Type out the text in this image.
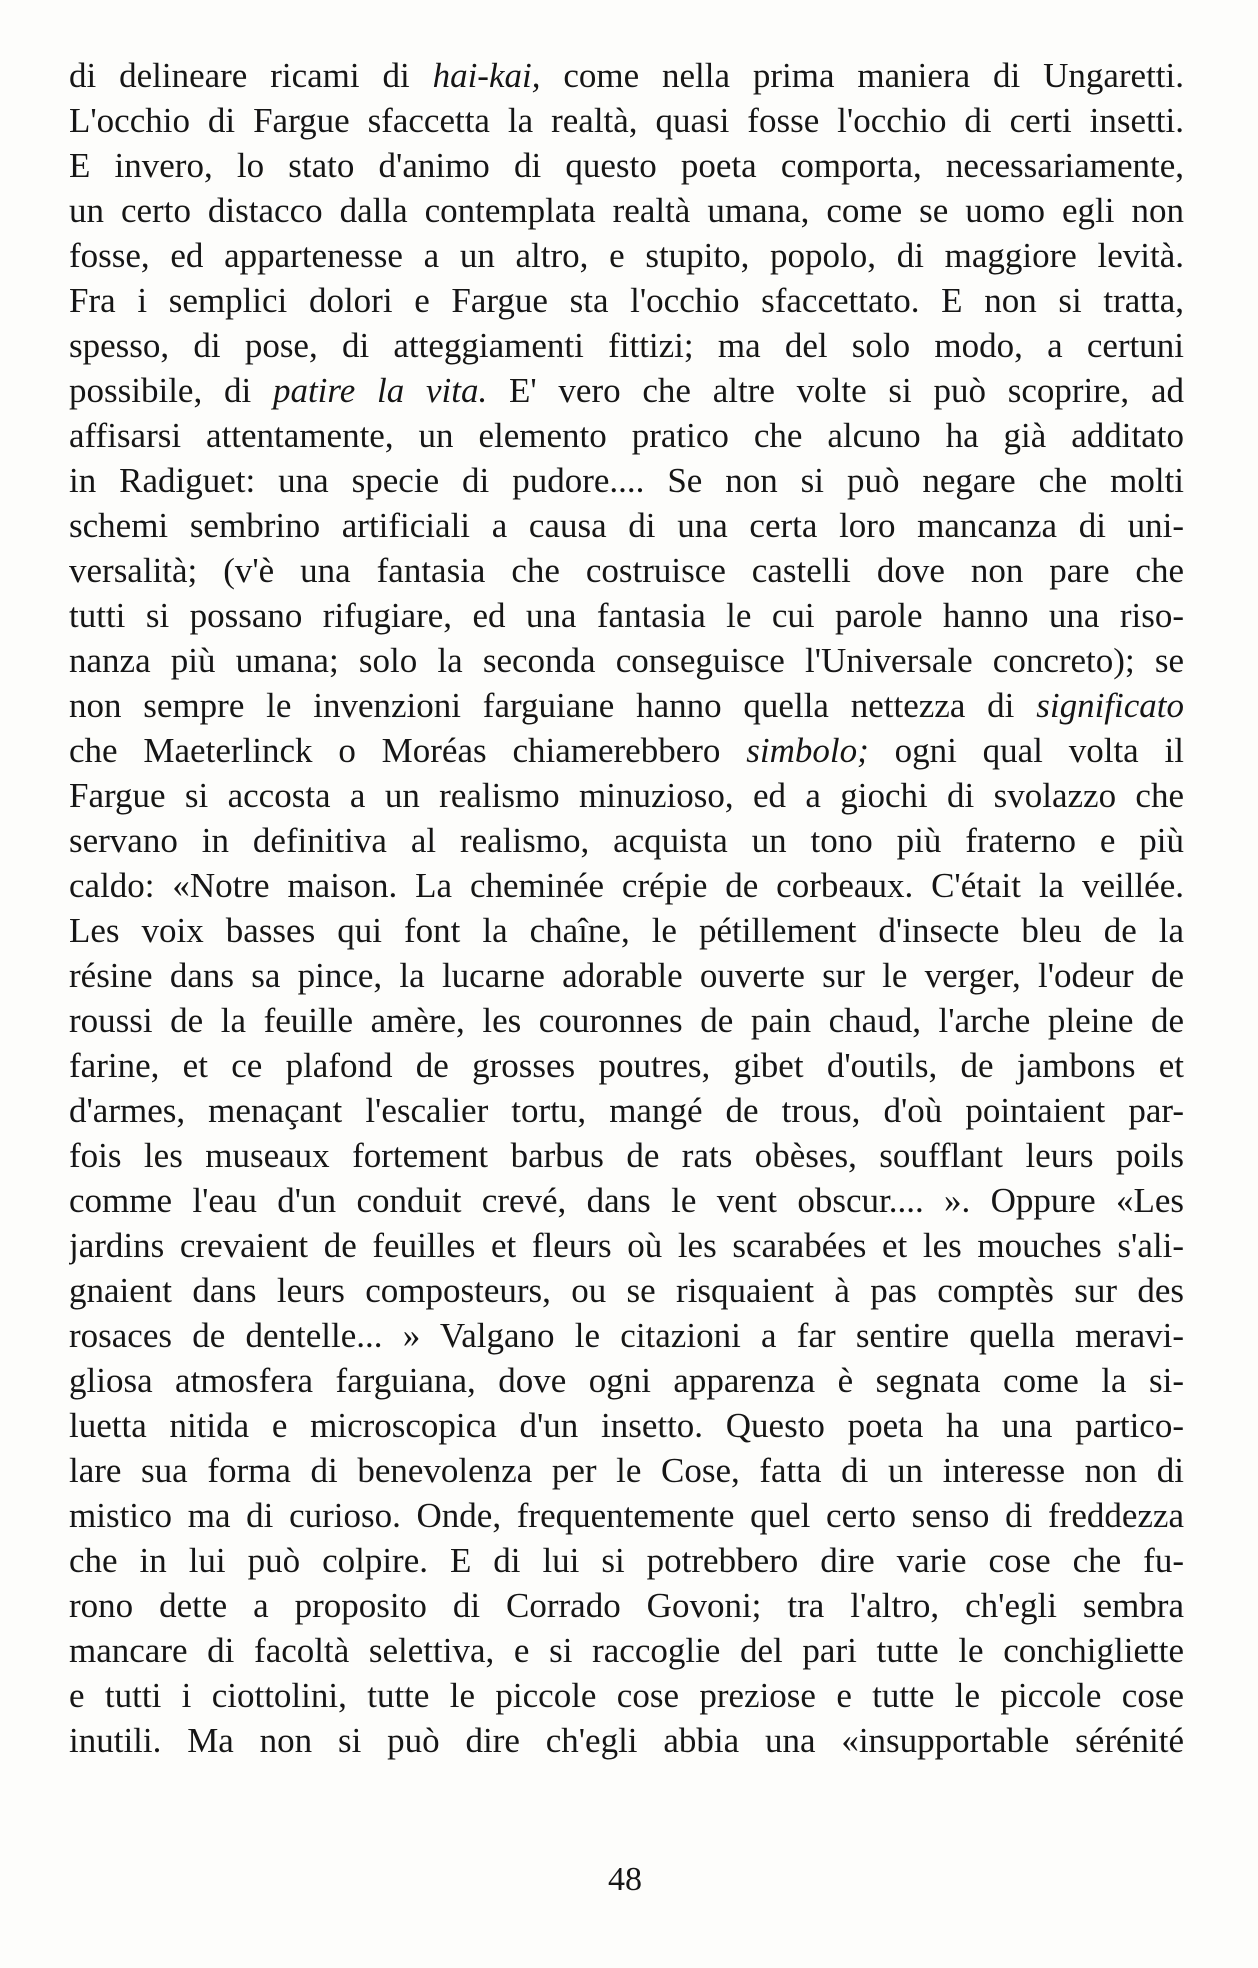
di delineare ricami di hai-kai, come nella prima maniera di Ungaretti.
L'occhio di Fargue sfaccetta la realtà, quasi fosse l'occhio di certi insetti.
E invero, lo stato d'animo di questo poeta comporta, necessariamente,
un certo distacco dalla contemplata realtà umana, come se uomo egli non
fosse, ed appartenesse a un altro, e stupito, popolo, di maggiore levità.
Fra i semplici dolori e Fargue sta l'occhio sfaccettato. E non si tratta,
spesso, di pose, di atteggiamenti fittizi; ma del solo modo, a certuni
possibile, di patire la vita. E' vero che altre volte si può scoprire, ad
affisarsi attentamente, un elemento pratico che alcuno ha già additato
in Radiguet: una specie di pudore.... Se non si può negare che molti
schemi sembrino artificiali a causa di una certa loro mancanza di uni-
versalità; (v'è una fantasia che costruisce castelli dove non pare che
tutti si possano rifugiare, ed una fantasia le cui parole hanno una riso-
nanza più umana; solo la seconda conseguisce l'Universale concreto); se
non sempre le invenzioni farguiane hanno quella nettezza di significato
che Maeterlinck o Moréas chiamerebbero simbolo; ogni qual volta il
Fargue si accosta a un realismo minuzioso, ed a giochi di svolazzo che
servano in definitiva al realismo, acquista un tono più fraterno e più
caldo: «Notre maison. La cheminée crépie de corbeaux. C'était la veillée.
Les voix basses qui font la chaîne, le pétillement d'insecte bleu de la
résine dans sa pince, la lucarne adorable ouverte sur le verger, l'odeur de
roussi de la feuille amère, les couronnes de pain chaud, l'arche pleine de
farine, et ce plafond de grosses poutres, gibet d'outils, de jambons et
d'armes, menaçant l'escalier tortu, mangé de trous, d'où pointaient par-
fois les museaux fortement barbus de rats obèses, soufflant leurs poils
comme l'eau d'un conduit crevé, dans le vent obscur.... ». Oppure «Les
jardins crevaient de feuilles et fleurs où les scarabées et les mouches s'ali-
gnaient dans leurs composteurs, ou se risquaient à pas comptès sur des
rosaces de dentelle... » Valgano le citazioni a far sentire quella meravi-
gliosa atmosfera farguiana, dove ogni apparenza è segnata come la si-
luetta nitida e microscopica d'un insetto. Questo poeta ha una partico-
lare sua forma di benevolenza per le Cose, fatta di un interesse non di
mistico ma di curioso. Onde, frequentemente quel certo senso di freddezza
che in lui può colpire. E di lui si potrebbero dire varie cose che fu-
rono dette a proposito di Corrado Govoni; tra l'altro, ch'egli sembra
mancare di facoltà selettiva, e si raccoglie del pari tutte le conchigliette
e tutti i ciottolini, tutte le piccole cose preziose e tutte le piccole cose
inutili. Ma non si può dire ch'egli abbia una «insupportable sérénité
48
